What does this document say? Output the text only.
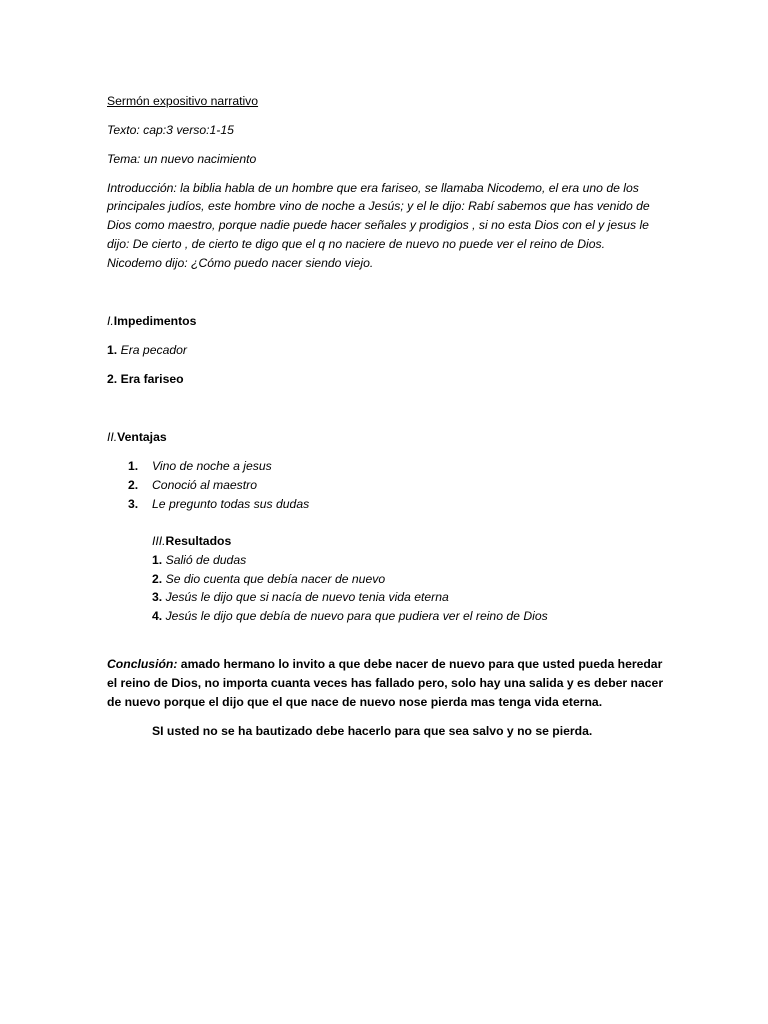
Sermón expositivo narrativo
Texto: cap:3 verso:1-15
Tema: un nuevo nacimiento
Introducción: la biblia habla de un hombre que era fariseo, se llamaba Nicodemo, el era uno de los
principales judíos, este hombre vino de noche a Jesús; y el le dijo: Rabí sabemos que has venido de
Dios como maestro, porque nadie puede hacer señales y prodigios , si no esta Dios con el y jesus le
dijo: De cierto , de cierto te digo que el q no naciere de nuevo no puede ver el reino de Dios.
Nicodemo dijo: ¿Cómo puedo nacer siendo viejo.
I.Impedimentos
1. Era pecador
2. Era fariseo
II.Ventajas
1. Vino de noche a jesus
2. Conoció al maestro
3. Le pregunto todas sus dudas
III.Resultados
1. Salió de dudas
2. Se dio cuenta que debía nacer de nuevo
3. Jesús le dijo que si nacía de nuevo tenia vida eterna
4. Jesús le dijo que debía de nuevo para que pudiera ver el reino de Dios
Conclusión: amado hermano lo invito a que debe nacer de nuevo para que usted pueda heredar
el reino de Dios, no importa cuanta veces has fallado pero, solo hay una salida y es deber nacer
de nuevo porque el dijo que el que nace de nuevo nose pierda mas tenga vida eterna.
SI usted no se ha bautizado debe hacerlo para que sea salvo y no se pierda.
